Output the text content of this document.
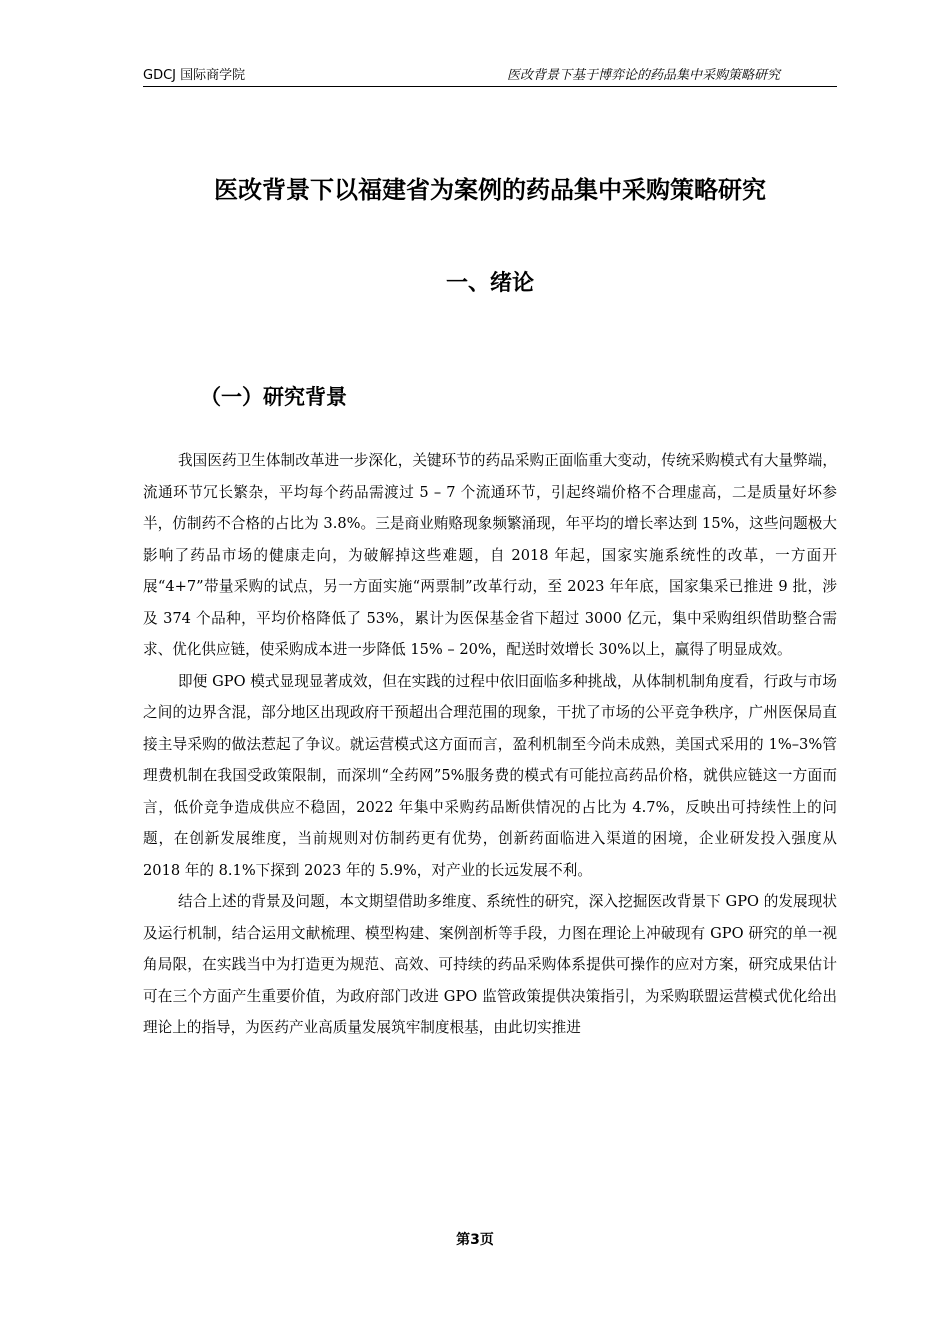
GDCJ 国际商学院	医改背景下基于博弈论的药品集中采购策略研究
医改背景下以福建省为案例的药品集中采购策略研究
一、绪论
（一）研究背景

我国医药卫生体制改革进一步深化，关键环节的药品采购正面临重大变动，传统采购模式有大量弊端，流通环节冗长繁杂，平均每个药品需渡过 5 – 7 个流通环节，引起终端价格不合理虚高，二是质量好坏参半，仿制药不合格的占比为 3.8%。三是商业贿赂现象频繁涌现，年平均的增长率达到 15%，这些问题极大影响了药品市场的健康走向，为破解掉这些难题，自 2018 年起，国家实施系统性的改革，一方面开展“4+7”带量采购的试点，另一方面实施“两票制”改革行动，至 2023 年年底，国家集采已推进 9 批，涉及 374 个品种，平均价格降低了 53%，累计为医保基金省下超过 3000 亿元，集中采购组织借助整合需求、优化供应链，使采购成本进一步降低 15% – 20%，配送时效增长 30%以上，赢得了明显成效。

即便 GPO 模式显现显著成效，但在实践的过程中依旧面临多种挑战，从体制机制角度看，行政与市场之间的边界含混，部分地区出现政府干预超出合理范围的现象，干扰了市场的公平竞争秩序，广州医保局直接主导采购的做法惹起了争议。就运营模式这方面而言，盈利机制至今尚未成熟，美国式采用的 1%–3%管理费机制在我国受政策限制，而深圳“全药网”5%服务费的模式有可能拉高药品价格，就供应链这一方面而言，低价竞争造成供应不稳固，2022 年集中采购药品断供情况的占比为 4.7%，反映出可持续性上的问题，在创新发展维度，当前规则对仿制药更有优势，创新药面临进入渠道的困境，企业研发投入强度从 2018 年的 8.1%下探到 2023 年的 5.9%，对产业的长远发展不利。

结合上述的背景及问题，本文期望借助多维度、系统性的研究，深入挖掘医改背景下 GPO 的发展现状及运行机制，结合运用文献梳理、模型构建、案例剖析等手段，力图在理论上冲破现有 GPO 研究的单一视角局限，在实践当中为打造更为规范、高效、可持续的药品采购体系提供可操作的应对方案，研究成果估计可在三个方面产生重要价值，为政府部门改进 GPO 监管政策提供决策指引，为采购联盟运营模式优化给出理论上的指导，为医药产业高质量发展筑牢制度根基，由此切实推进

第3页
